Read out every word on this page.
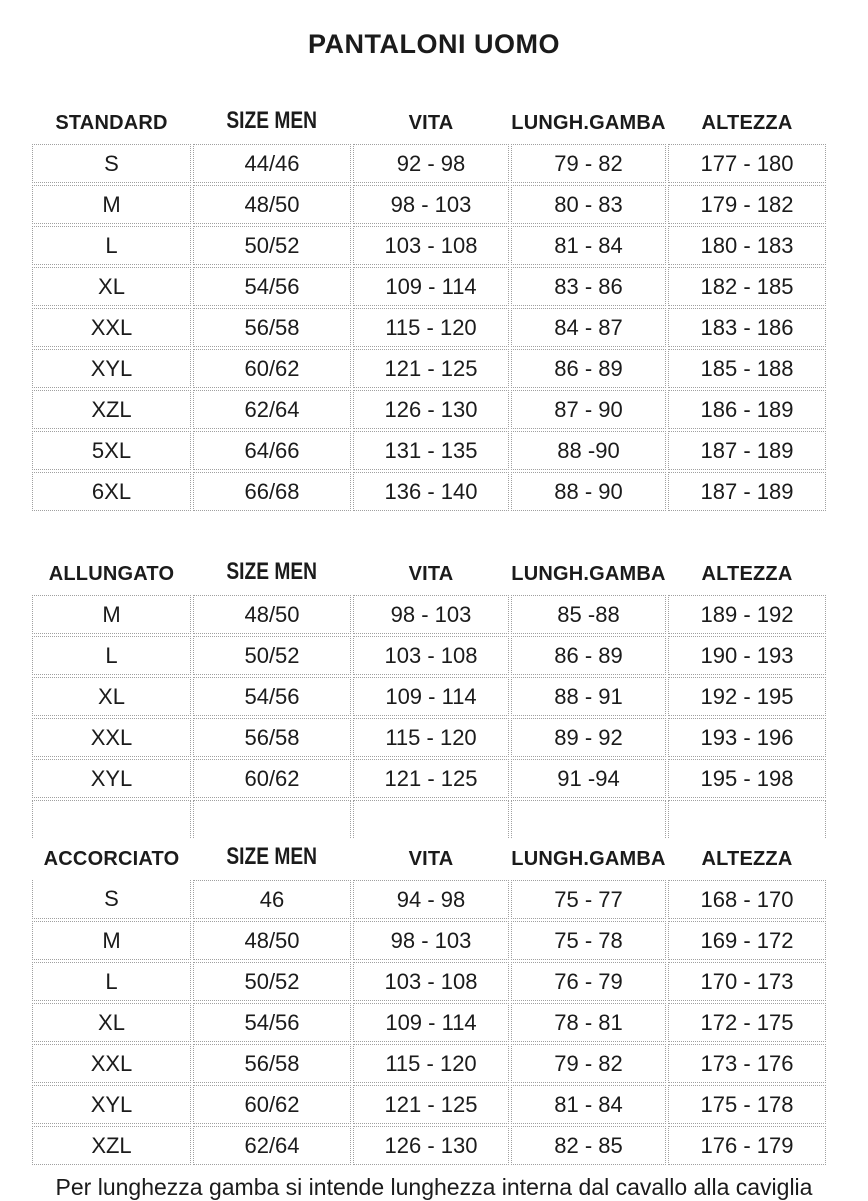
PANTALONI UOMO
STANDARD	SIZE MEN	VITA	LUNGH.GAMBA	ALTEZZA
S	44/46	92 - 98	79 - 82	177 - 180
M	48/50	98 - 103	80 - 83	179 - 182
L	50/52	103 - 108	81 - 84	180 - 183
XL	54/56	109 - 114	83 - 86	182 - 185
XXL	56/58	115 - 120	84 - 87	183 - 186
XYL	60/62	121 - 125	86 - 89	185 - 188
XZL	62/64	126 - 130	87 - 90	186 - 189
5XL	64/66	131 - 135	88 -90	187 - 189
6XL	66/68	136 - 140	88 - 90	187 - 189
ALLUNGATO	SIZE MEN	VITA	LUNGH.GAMBA	ALTEZZA
M	48/50	98 - 103	85 -88	189 - 192
L	50/52	103 - 108	86 - 89	190 - 193
XL	54/56	109 - 114	88 - 91	192 - 195
XXL	56/58	115 - 120	89 - 92	193 - 196
XYL	60/62	121 - 125	91 -94	195 - 198

ACCORCIATO	SIZE MEN	VITA	LUNGH.GAMBA	ALTEZZA
S	46	94 - 98	75 - 77	168 - 170
M	48/50	98 - 103	75 - 78	169 - 172
L	50/52	103 - 108	76 - 79	170 - 173
XL	54/56	109 - 114	78 - 81	172 - 175
XXL	56/58	115 - 120	79 - 82	173 - 176
XYL	60/62	121 - 125	81 - 84	175 - 178
XZL	62/64	126 - 130	82 - 85	176 - 179
Per lunghezza gamba si intende lunghezza interna dal cavallo alla caviglia
